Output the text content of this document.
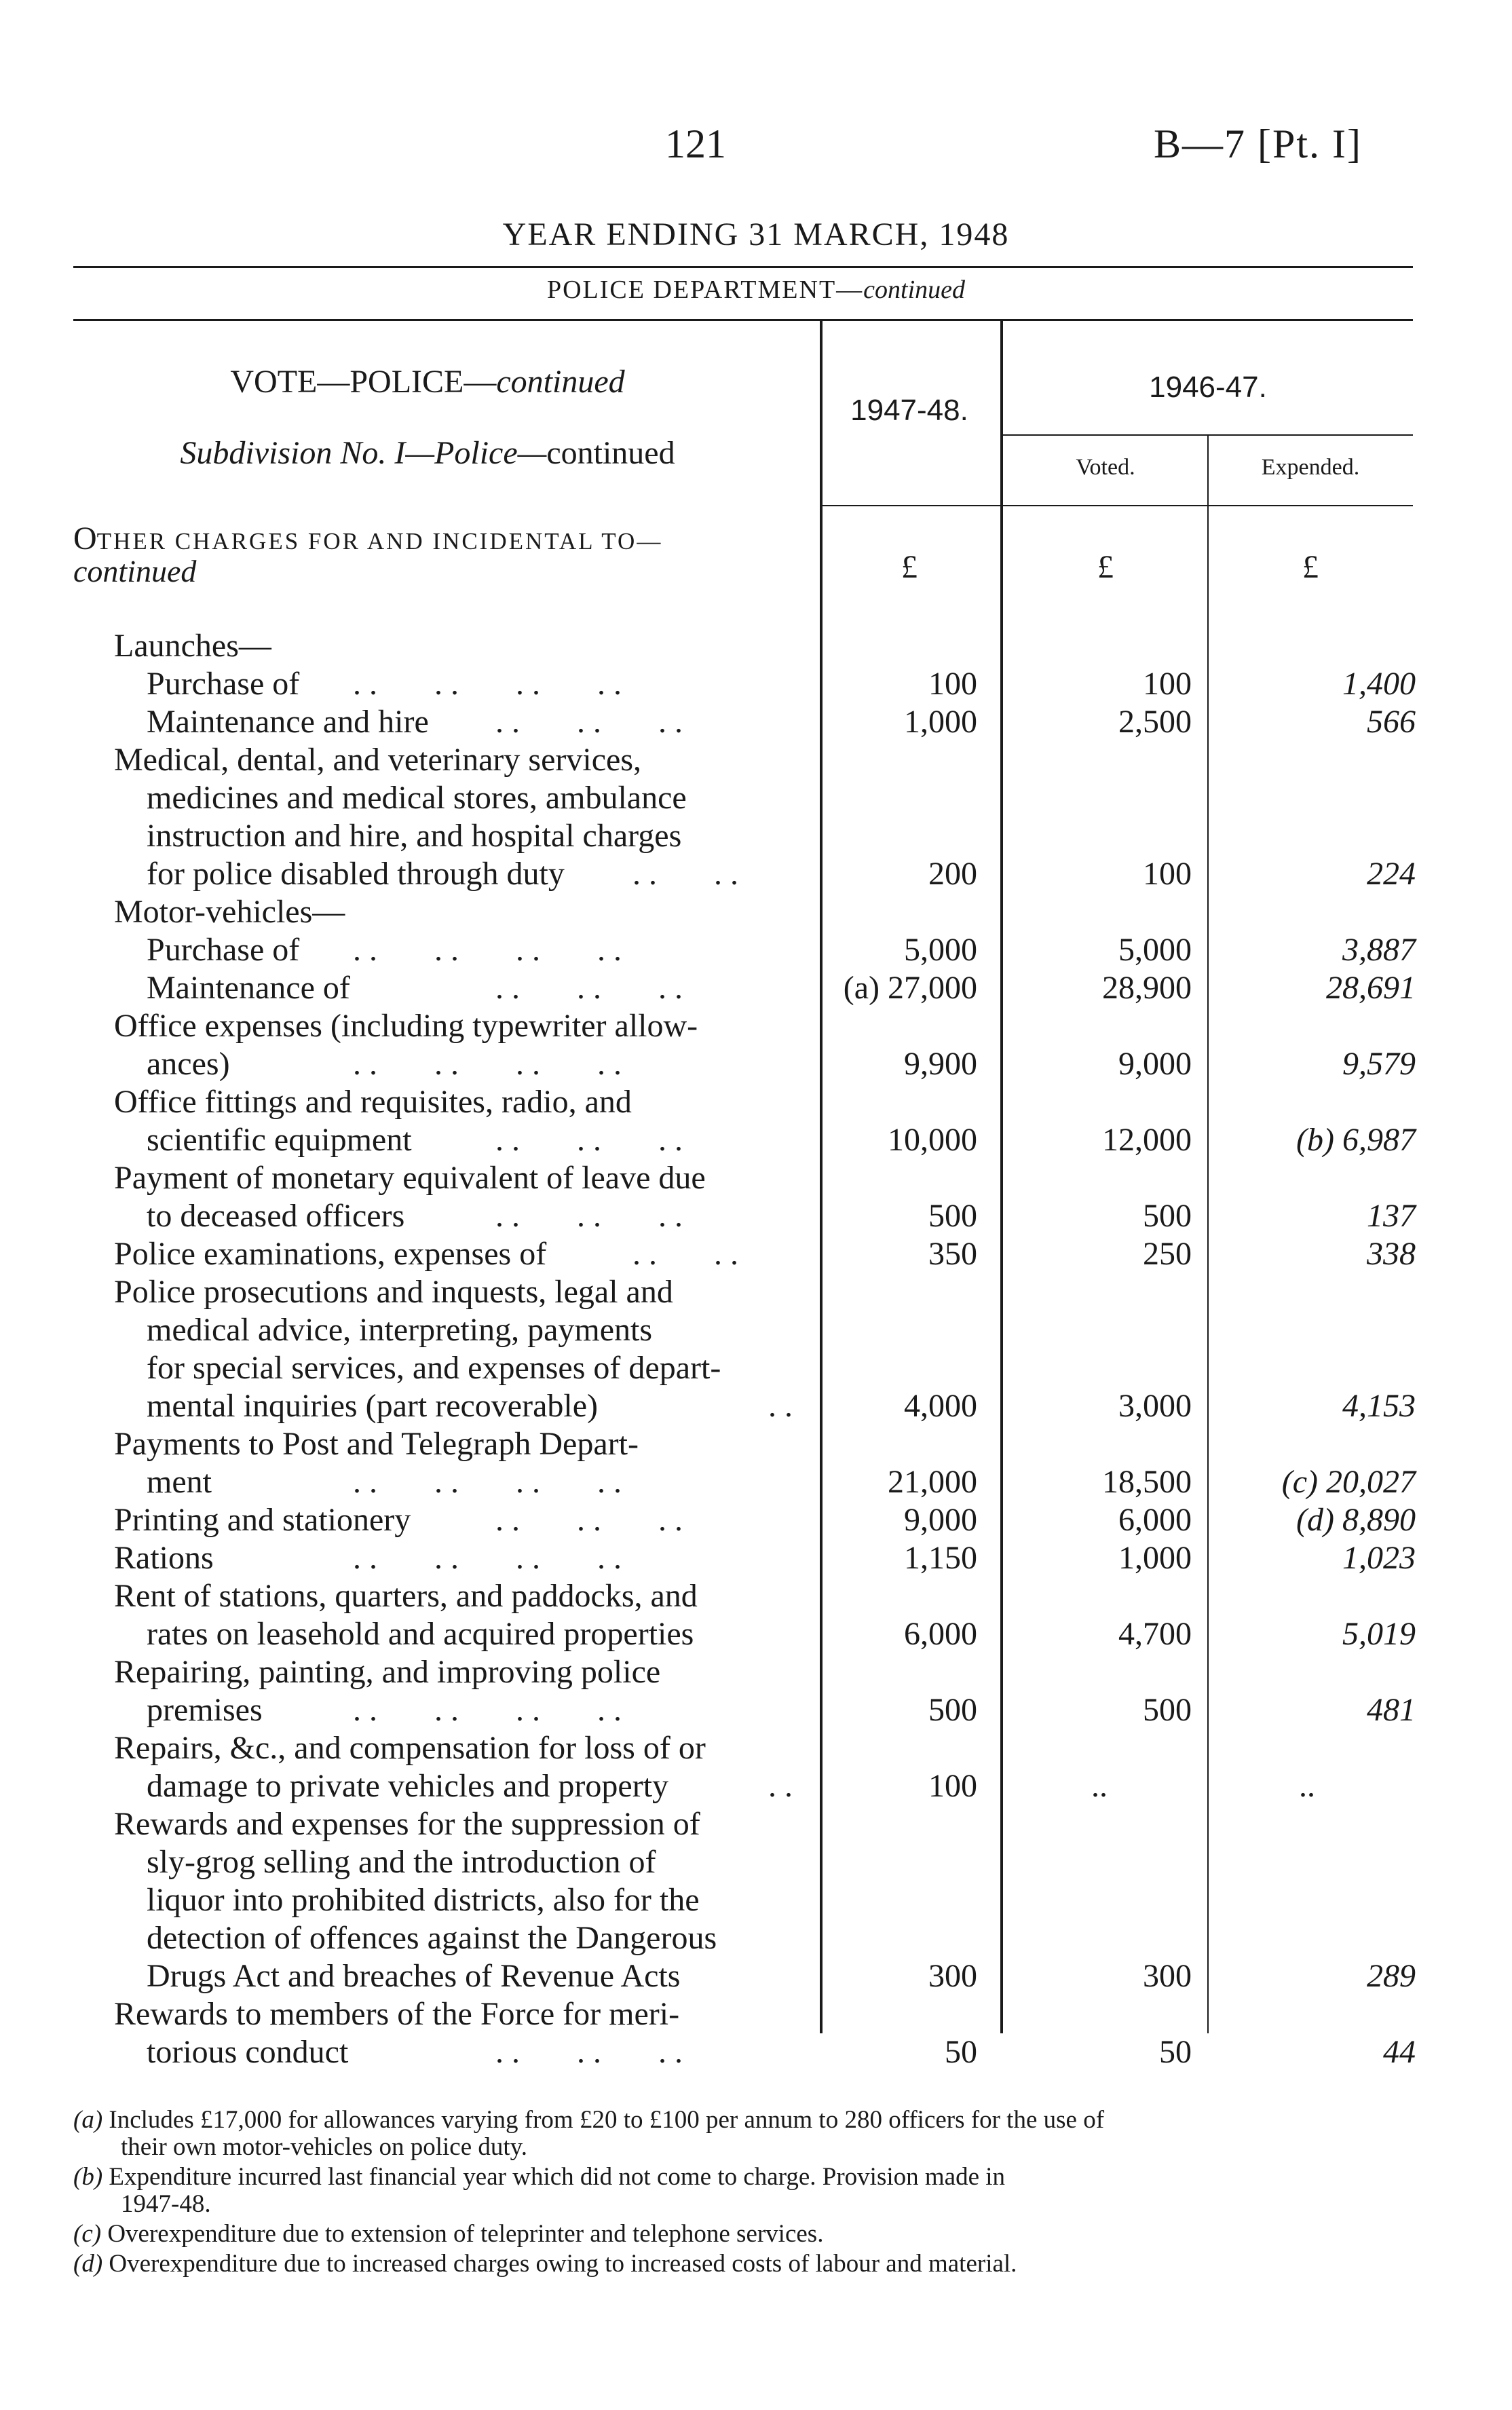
121	B—7 [Pt. I]
YEAR ENDING 31 MARCH, 1948
POLICE DEPARTMENT—continued
VOTE—POLICE—continued
Subdivision No. I—Police—continued
1947-48.
1946-47.
Voted.	Expended.
£	£	£
OTHER CHARGES FOR AND INCIDENTAL TO—
continued
Launches—
Purchase of . .       . .       . .       . .	100	100	1,400
Maintenance and hire . .       . .       . .	1,000	2,500	566
Medical, dental, and veterinary services,
medicines and medical stores, ambulance
instruction and hire, and hospital charges
for police disabled through duty . .       . .	200	100	224
Motor-vehicles—
Purchase of . .       . .       . .       . .	5,000	5,000	3,887
Maintenance of	. .       . .       . .	(a) 27,000	28,900	28,691
Office expenses (including typewriter allow-
ances)	. .       . .       . .       . .	9,900	9,000	9,579
Office fittings and requisites, radio, and
scientific equipment	. .       . .       . .	10,000	12,000	(b) 6,987
Payment of monetary equivalent of leave due
to deceased officers	. .       . .       . .	500	500	137
Police examinations, expenses of	. .       . .	350	250	338
Police prosecutions and inquests, legal and
medical advice, interpreting, payments
for special services, and expenses of depart-
mental inquiries (part recoverable)	. .	4,000	3,000	4,153
Payments to Post and Telegraph Depart-
ment	. .       . .       . .       . .	21,000	18,500	(c) 20,027
Printing and stationery	. .       . .       . .	9,000	6,000	(d) 8,890
Rations	. .       . .       . .       . .	1,150	1,000	1,023
Rent of stations, quarters, and paddocks, and
rates on leasehold and acquired properties	6,000	4,700	5,019
Repairing, painting, and improving police
premises	. .       . .       . .       . .	500	500	481
Repairs, &c., and compensation for loss of or
damage to private vehicles and property	. .	100	..	..
Rewards and expenses for the suppression of
sly-grog selling and the introduction of
liquor into prohibited districts, also for the
detection of offences against the Dangerous
Drugs Act and breaches of Revenue Acts	300	300	289
Rewards to members of the Force for meri-
torious conduct	. .       . .       . .	50	50	44
(a) Includes £17,000 for allowances varying from £20 to £100 per annum to 280 officers for the use of
their own motor-vehicles on police duty.
(b) Expenditure incurred last financial year which did not come to charge. Provision made in
1947-48.
(c) Overexpenditure due to extension of teleprinter and telephone services.
(d) Overexpenditure due to increased charges owing to increased costs of labour and material.
